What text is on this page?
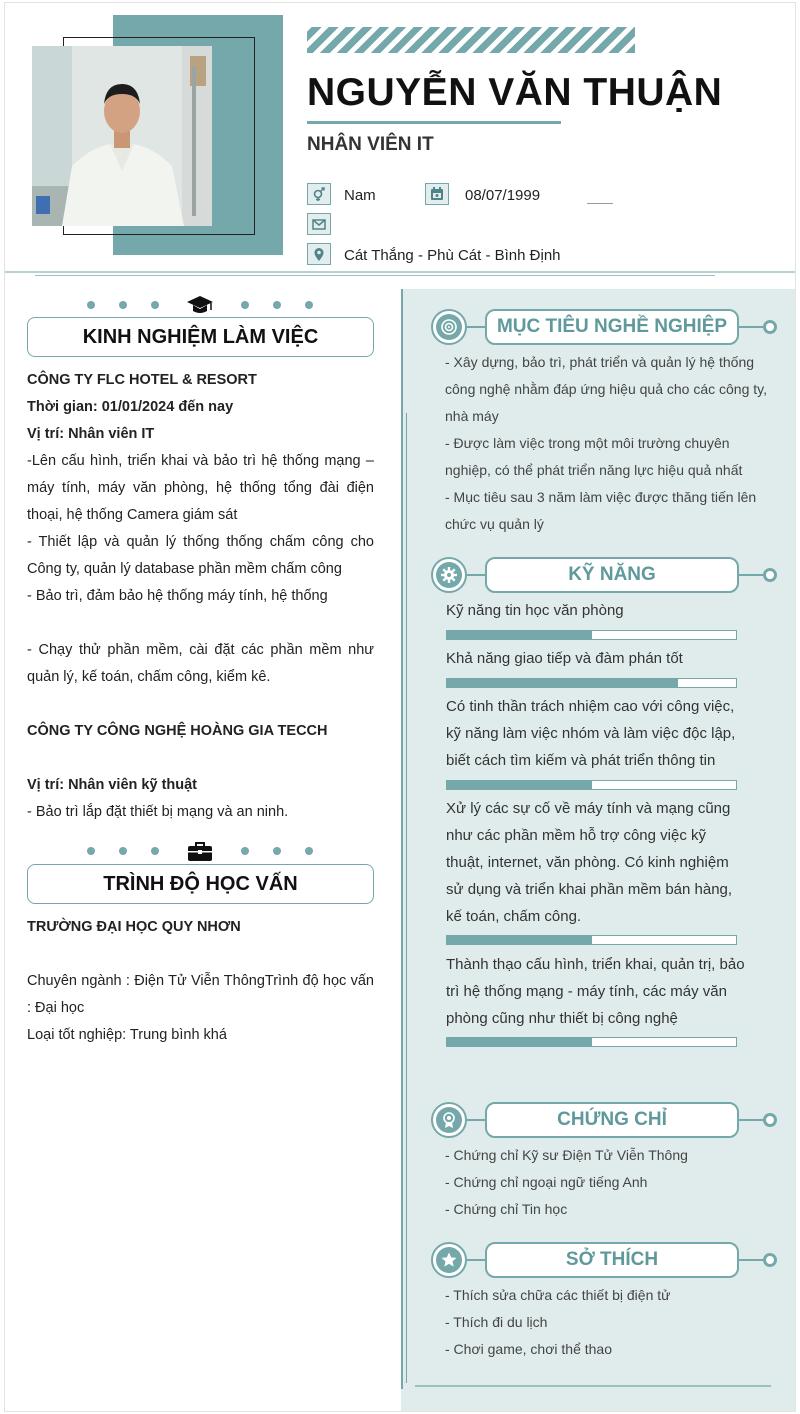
NGUYỄN VĂN THUẬN
NHÂN VIÊN IT
Nam	08/07/1999
Cát Thắng - Phù Cát - Bình Định
KINH NGHIỆM LÀM VIỆC
CÔNG TY FLC HOTEL & RESORT
Thời gian: 01/01/2024 đến nay
Vị trí: Nhân viên IT
-Lên cấu hình, triển khai và bảo trì hệ thống mạng – máy tính, máy văn phòng, hệ thống tổng đài điện thoại, hệ thống Camera giám sát
- Thiết lập và quản lý thống thống chấm công cho Công ty, quản lý database phần mềm chấm công
- Bảo trì, đảm bảo hệ thống máy tính, hệ thống
- Chạy thử phần mềm, cài đặt các phần mềm như quản lý, kế toán, chấm công, kiểm kê.
CÔNG TY CÔNG NGHỆ HOÀNG GIA TECCH
Vị trí: Nhân viên kỹ thuật
- Bảo trì lắp đặt thiết bị mạng và an ninh.
TRÌNH ĐỘ HỌC VẤN
TRƯỜNG ĐẠI HỌC QUY NHƠN
Chuyên ngành : Điện Tử Viễn ThôngTrình độ học vấn : Đại học
Loại tốt nghiệp: Trung bình khá
MỤC TIÊU NGHỀ NGHIỆP
- Xây dựng, bảo trì, phát triển và quản lý hệ thống công nghệ nhằm đáp ứng hiệu quả cho các công ty, nhà máy
- Được làm việc trong một môi trường chuyên nghiệp, có thể phát triển năng lực hiệu quả nhất
- Mục tiêu sau 3 năm làm việc được thăng tiến lên chức vụ quản lý
KỸ NĂNG
Kỹ năng tin học văn phòng
Khả năng giao tiếp và đàm phán tốt
Có tinh thần trách nhiệm cao với công việc, kỹ năng làm việc nhóm và làm việc độc lập, biết cách tìm kiếm và phát triển thông tin
Xử lý các sự cố về máy tính và mạng cũng như các phần mềm hỗ trợ công việc kỹ thuật, internet, văn phòng. Có kinh nghiệm sử dụng và triển khai phần mềm bán hàng, kế toán, chấm công.
Thành thạo cấu hình, triển khai, quản trị, bảo trì hệ thống mạng - máy tính, các máy văn phòng cũng như thiết bị công nghệ
CHỨNG CHỈ
- Chứng chỉ Kỹ sư Điện Tử Viễn Thông
- Chứng chỉ ngoại ngữ tiếng Anh
- Chứng chỉ Tin học
SỞ THÍCH
- Thích sửa chữa các thiết bị điện tử
- Thích đi du lịch
- Chơi game, chơi thể thao
